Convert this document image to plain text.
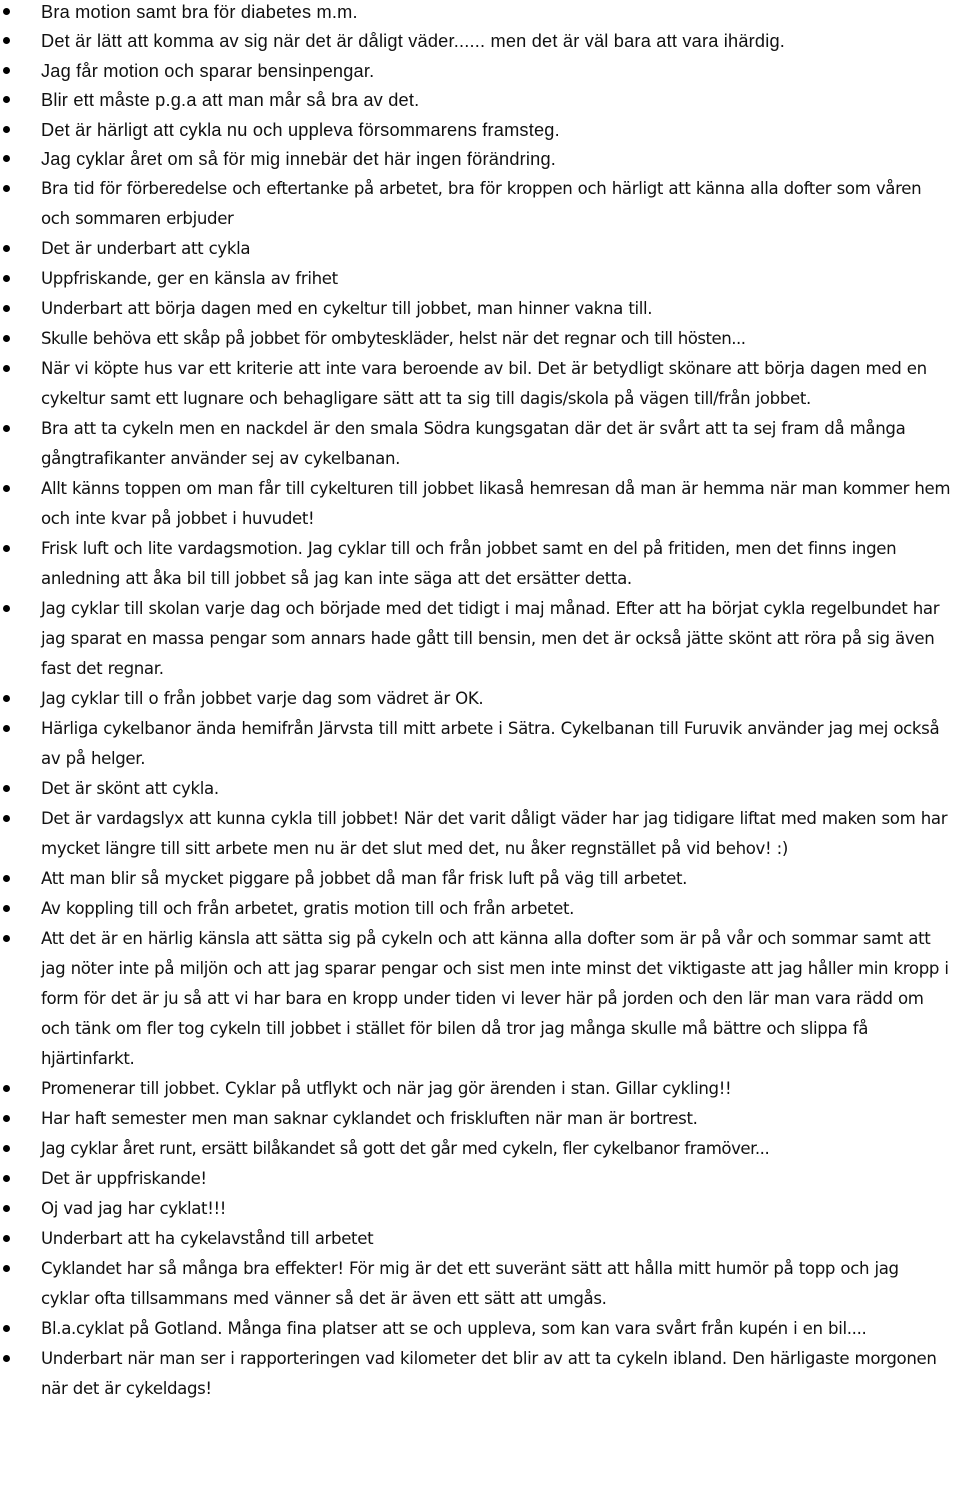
Bra motion samt bra för diabetes m.m.
Det är lätt att komma av sig när det är dåligt väder...... men det är väl bara att vara ihärdig.
Jag får motion och sparar bensinpengar.
Blir ett måste p.g.a att man mår så bra av det.
Det är härligt att cykla nu och uppleva försommarens framsteg.
Jag cyklar året om så för mig innebär det här ingen förändring.
Bra tid för förberedelse och eftertanke på arbetet, bra för kroppen och härligt att känna alla dofter som våren och sommaren erbjuder
Det är underbart att cykla
Uppfriskande, ger en känsla av frihet
Underbart att börja dagen med en cykeltur till jobbet, man hinner vakna till.
Skulle behöva ett skåp på jobbet för ombyteskläder, helst när det regnar och till hösten...
När vi köpte hus var ett kriterie att inte vara beroende av bil. Det är betydligt skönare att börja dagen med en cykeltur samt ett lugnare och behagligare sätt att ta sig till dagis/skola på vägen till/från jobbet.
Bra att ta cykeln men en nackdel är den smala Södra kungsgatan där det är svårt att ta sej fram då många gångtrafikanter använder sej av cykelbanan.
Allt känns toppen om man får till cykelturen till jobbet likaså hemresan då man är hemma när man kommer hem och inte kvar på jobbet i huvudet!
Frisk luft och lite vardagsmotion. Jag cyklar till och från jobbet samt en del på fritiden, men det finns ingen anledning att åka bil till jobbet så jag kan inte säga att det ersätter detta.
Jag cyklar till skolan varje dag och började med det tidigt i maj månad. Efter att ha börjat cykla regelbundet har jag sparat en massa pengar som annars hade gått till bensin, men det är också jätte skönt att röra på sig även fast det regnar.
Jag cyklar till o från jobbet varje dag som vädret är OK.
Härliga cykelbanor ända hemifrån Järvsta till mitt arbete i Sätra. Cykelbanan till Furuvik använder jag mej också av på helger.
Det är skönt att cykla.
Det är vardagslyx att kunna cykla till jobbet! När det varit dåligt väder har jag tidigare liftat med maken som har mycket längre till sitt arbete men nu är det slut med det, nu åker regnstället på vid behov! :)
Att man blir så mycket piggare på jobbet då man får frisk luft på väg till arbetet.
Av koppling till och från arbetet, gratis motion till och från arbetet.
Att det är en härlig känsla att sätta sig på cykeln och att känna alla dofter som är på vår och sommar samt att jag nöter inte på miljön och att jag sparar pengar och sist men inte minst det viktigaste att jag håller min kropp i form för det är ju så att vi har bara en kropp under tiden vi lever här på jorden och den lär man vara rädd om och tänk om fler tog cykeln till jobbet i stället för bilen då tror jag många skulle må bättre och slippa få hjärtinfarkt.
Promenerar till jobbet. Cyklar på utflykt och när jag gör ärenden i stan. Gillar cykling!!
Har haft semester men man saknar cyklandet och friskluften när man är bortrest.
Jag cyklar året runt, ersätt bilåkandet så gott det går med cykeln, fler cykelbanor framöver...
Det är uppfriskande!
Oj vad jag har cyklat!!!
Underbart att ha cykelavstånd till arbetet
Cyklandet har så många bra effekter! För mig är det ett suveränt sätt att hålla mitt humör på topp och jag cyklar ofta tillsammans med vänner så det är även ett sätt att umgås.
Bl.a.cyklat på Gotland. Många fina platser att se och uppleva, som kan vara svårt från kupén i en bil....
Underbart när man ser i rapporteringen vad kilometer det blir av att ta cykeln ibland. Den härligaste morgonen när det är cykeldags!
